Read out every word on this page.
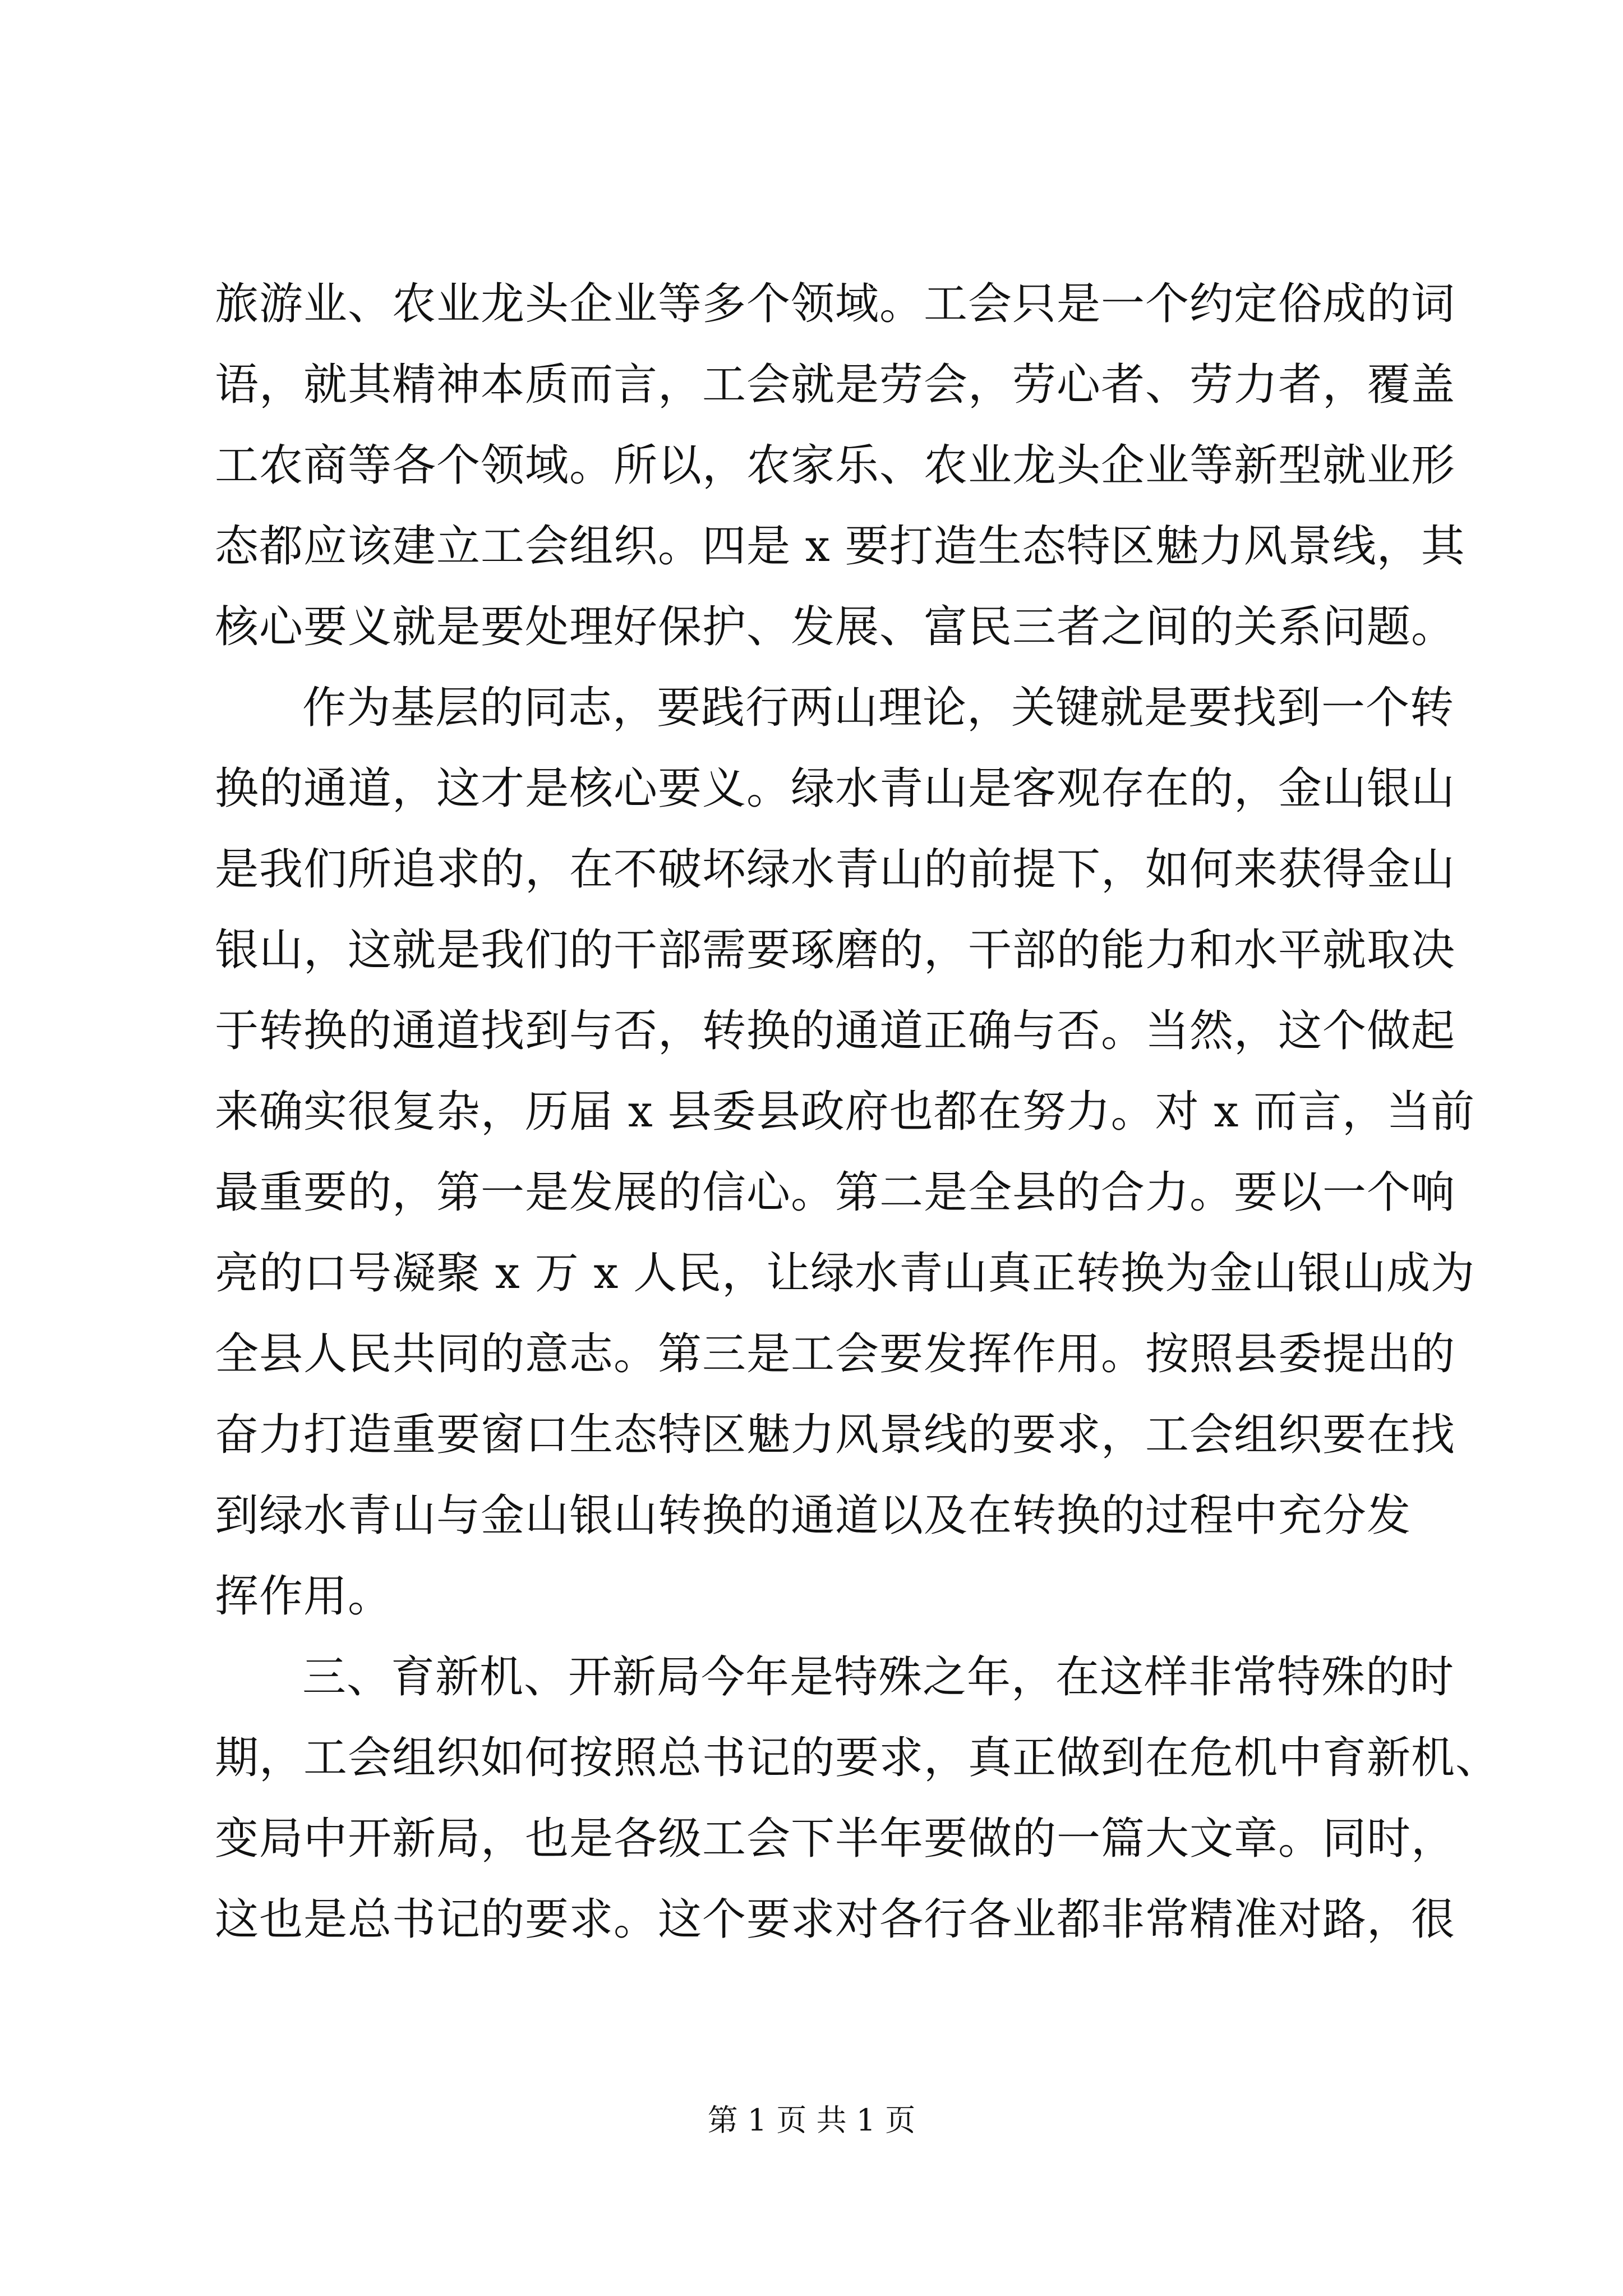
旅游业、农业龙头企业等多个领域。工会只是一个约定俗成的词
语，就其精神本质而言，工会就是劳会，劳心者、劳力者，覆盖
工农商等各个领域。所以，农家乐、农业龙头企业等新型就业形
态都应该建立工会组织。四是 x 要打造生态特区魅力风景线，其
核心要义就是要处理好保护、发展、富民三者之间的关系问题。
作为基层的同志，要践行两山理论，关键就是要找到一个转
换的通道，这才是核心要义。绿水青山是客观存在的，金山银山
是我们所追求的，在不破坏绿水青山的前提下，如何来获得金山
银山，这就是我们的干部需要琢磨的，干部的能力和水平就取决
于转换的通道找到与否，转换的通道正确与否。当然，这个做起
来确实很复杂，历届 x 县委县政府也都在努力。对 x 而言，当前
最重要的，第一是发展的信心。第二是全县的合力。要以一个响
亮的口号凝聚 x 万 x 人民，让绿水青山真正转换为金山银山成为
全县人民共同的意志。第三是工会要发挥作用。按照县委提出的
奋力打造重要窗口生态特区魅力风景线的要求，工会组织要在找
到绿水青山与金山银山转换的通道以及在转换的过程中充分发
挥作用。
三、育新机、开新局今年是特殊之年，在这样非常特殊的时
期，工会组织如何按照总书记的要求，真正做到在危机中育新机、
变局中开新局，也是各级工会下半年要做的一篇大文章。同时，
这也是总书记的要求。这个要求对各行各业都非常精准对路，很
第 1 页 共 1 页
